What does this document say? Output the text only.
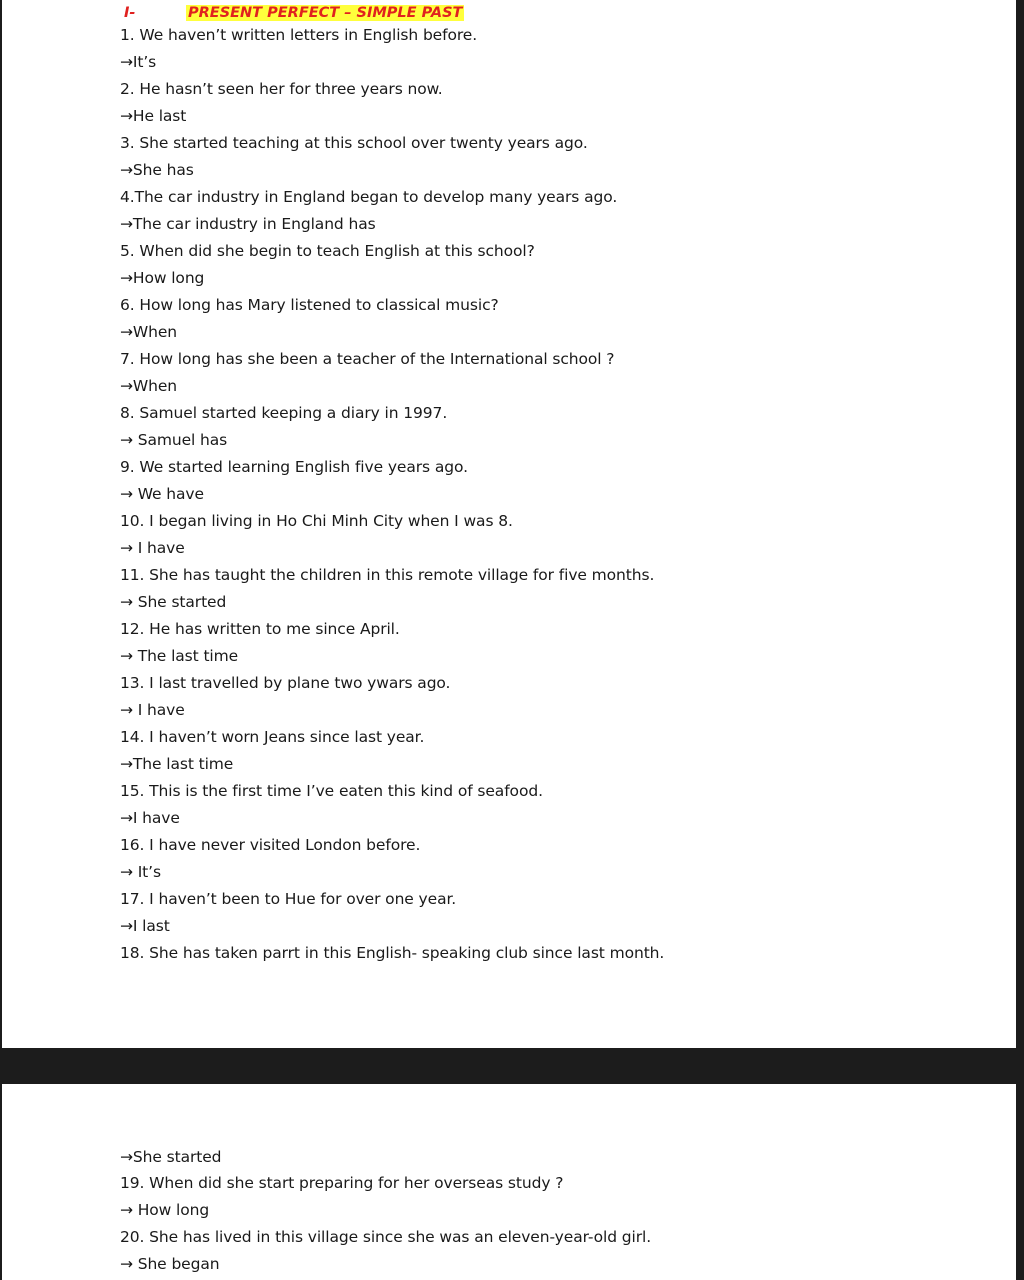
I-	PRESENT PERFECT – SIMPLE PAST
1. We haven’t written letters in English before.
→It’s
2. He hasn’t seen her for three years now.
→He last
3. She started teaching at this school over twenty years ago.
→She has
4.The car industry in England began to develop many years ago.
→The car industry in England has
5. When did she begin to teach English at this school?
→How long
6. How long has Mary listened to classical music?
→When
7. How long has she been a teacher of the International school ?
→When
8. Samuel started keeping a diary in 1997.
→ Samuel has
9. We started learning English five years ago.
→ We have
10. I began living in Ho Chi Minh City when I was 8.
→ I have
11. She has taught the children in this remote village for five months.
→ She started
12. He has written to me since April.
→ The last time
13. I last travelled by plane two ywars ago.
→ I have
14. I haven’t worn Jeans since last year.
→The last time
15. This is the first time I’ve eaten this kind of seafood.
→I have
16. I have never visited London before.
→ It’s
17. I haven’t been to Hue for over one year.
→I last
18. She has taken parrt in this English- speaking club since last month.
→She started
19. When did she start preparing for her overseas study ?
→ How long
20. She has lived in this village since she was an eleven-year-old girl.
→ She began
